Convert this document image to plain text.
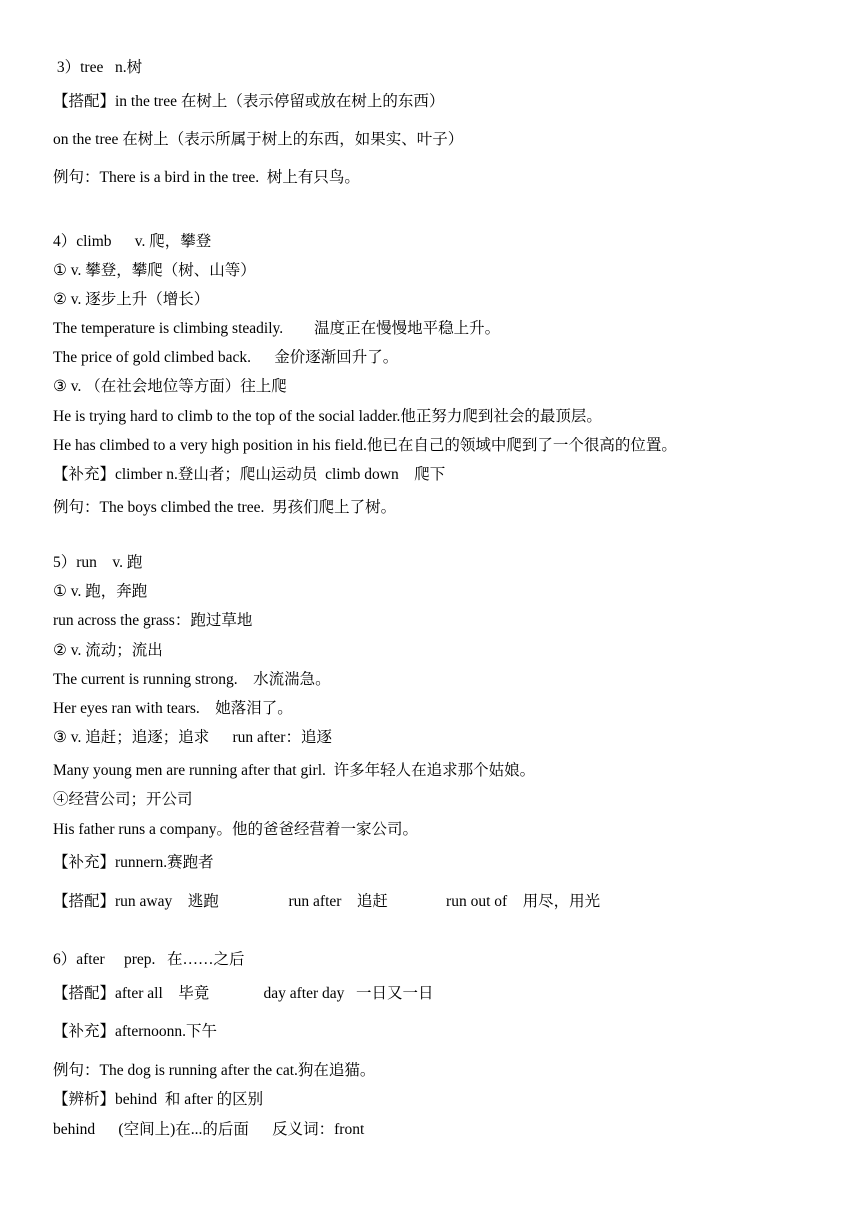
3）tree   n.树
【搭配】in the tree 在树上（表示停留或放在树上的东西）
on the tree 在树上（表示所属于树上的东西，如果实、叶子）
例句：There is a bird in the tree.  树上有只鸟。
4）climb      v. 爬，攀登
① v. 攀登，攀爬（树、山等）
② v. 逐步上升（增长）
The temperature is climbing steadily.        温度正在慢慢地平稳上升。
The price of gold climbed back.      金价逐渐回升了。
③ v. （在社会地位等方面）往上爬
He is trying hard to climb to the top of the social ladder.他正努力爬到社会的最顶层。
He has climbed to a very high position in his field.他已在自己的领域中爬到了一个很高的位置。
【补充】climber n.登山者；爬山运动员  climb down    爬下
例句：The boys climbed the tree.  男孩们爬上了树。
5）run    v. 跑
① v. 跑，奔跑
run across the grass：跑过草地
② v. 流动；流出
The current is running strong.    水流湍急。
Her eyes ran with tears.    她落泪了。
③ v. 追赶；追逐；追求      run after：追逐
Many young men are running after that girl.  许多年轻人在追求那个姑娘。
④经营公司；开公司
His father runs a company。他的爸爸经营着一家公司。
【补充】runnern.赛跑者
【搭配】run away    逃跑                  run after    追赶               run out of    用尽，用光
6）after     prep.   在……之后
【搭配】after all    毕竟              day after day   一日又一日
【补充】afternoonn.下午
例句：The dog is running after the cat.狗在追猫。
【辨析】behind  和 after 的区别
behind      (空间上)在...的后面      反义词：front
